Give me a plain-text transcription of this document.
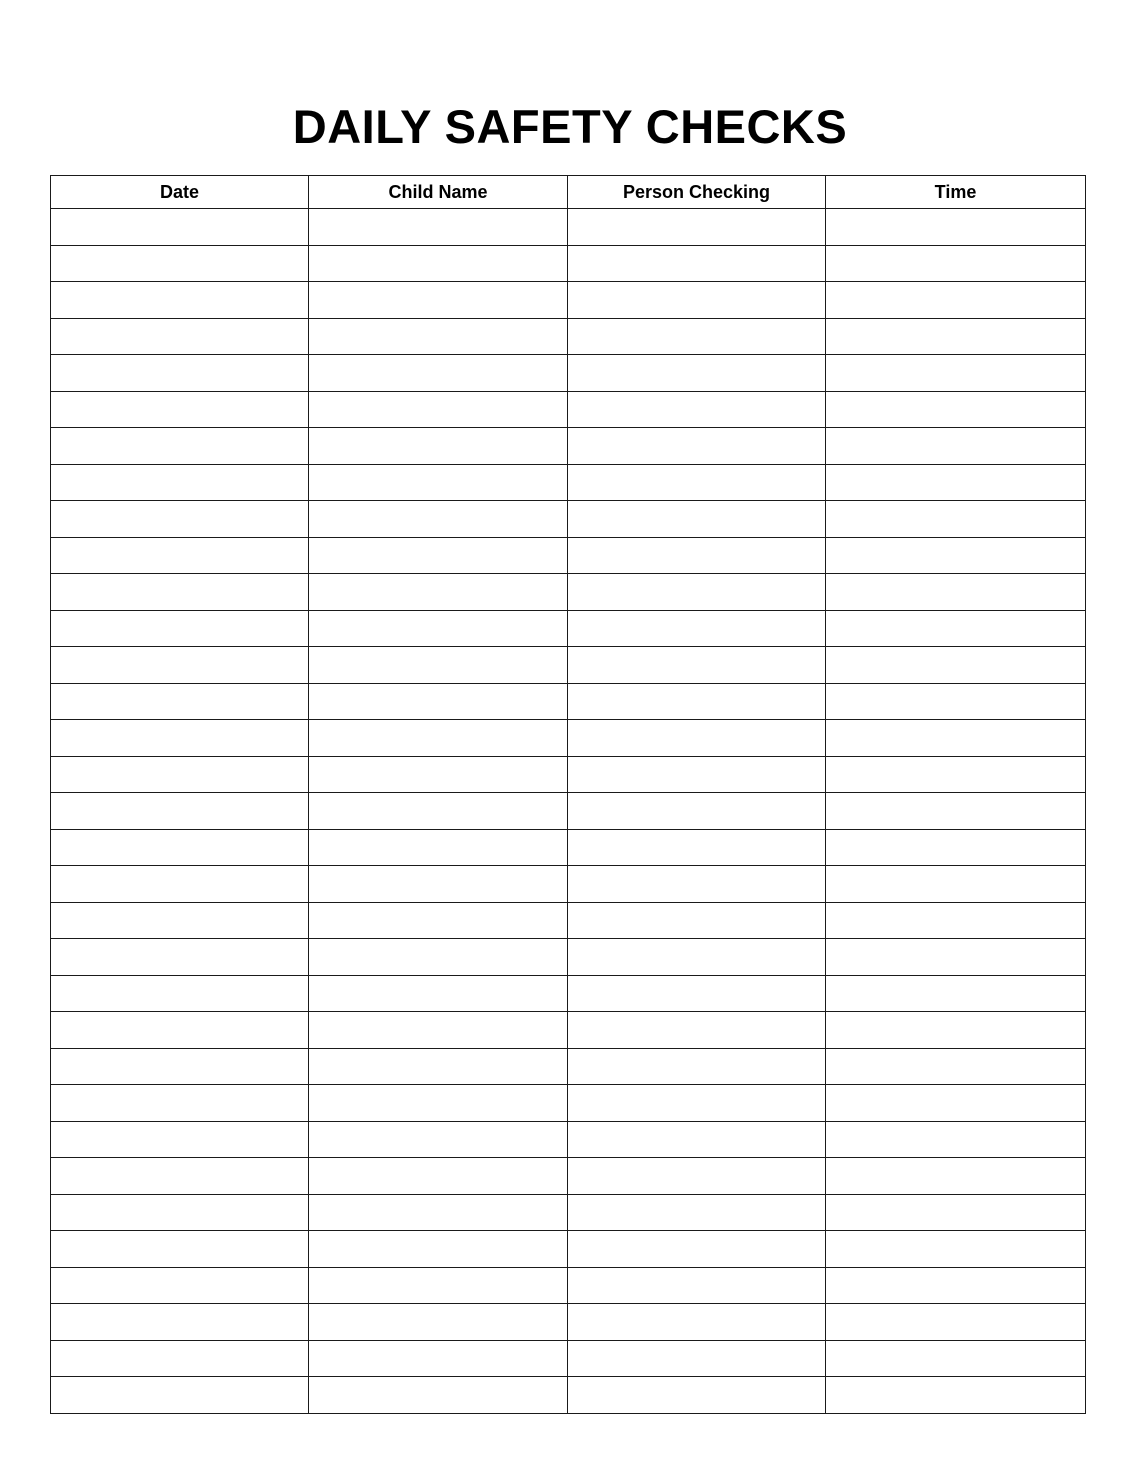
DAILY SAFETY CHECKS
Date	Child Name	Person Checking	Time
